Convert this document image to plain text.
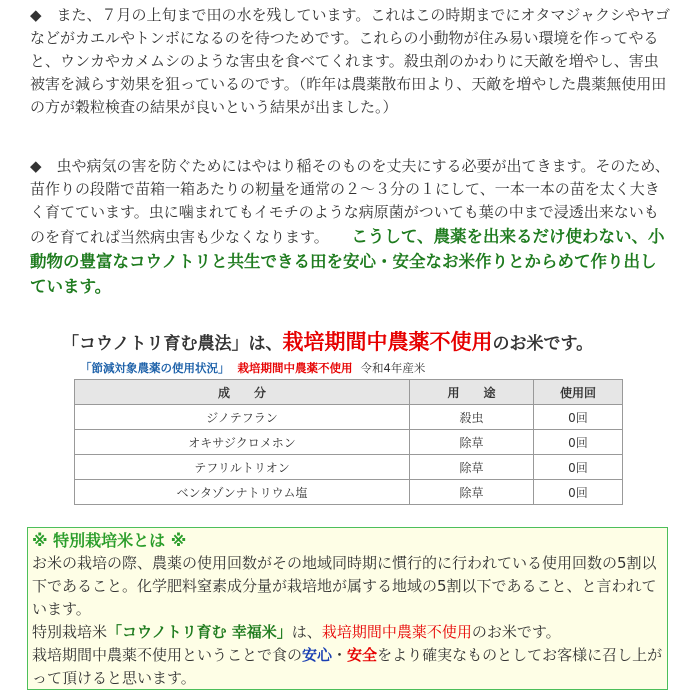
◆　また、７月の上旬まで田の水を残しています。これはこの時期までにオタマジャクシやヤゴなどがカエルやトンボになるのを待つためです。これらの小動物が住み易い環境を作ってやると、ウンカやカメムシのような害虫を食べてくれます。殺虫剤のかわりに天敵を増やし、害虫被害を減らす効果を狙っているのです。（昨年は農薬散布田より、天敵を増やした農薬無使用田の方が穀粒検査の結果が良いという結果が出ました。）

◆　虫や病気の害を防ぐためにはやはり稲そのものを丈夫にする必要が出てきます。そのため、苗作りの段階で苗箱一箱あたりの籾量を通常の２～３分の１にして、一本一本の苗を太く大きく育てています。虫に噛まれてもイモチのような病原菌がついても葉の中まで浸透出来ないものを育てれば当然病虫害も少なくなります。　　こうして、農薬を出来るだけ使わない、小動物の豊富なコウノトリと共生できる田を安心・安全なお米作りとからめて作り出しています。

「コウノトリ育む農法」は、栽培期間中農薬不使用のお米です。
「節減対象農薬の使用状況」 栽培期間中農薬不使用 令和4年産米
成　　分	用　　途	使用回
ジノテフラン	殺虫	0回
オキサジクロメホン	除草	0回
テフリルトリオン	除草	0回
ベンタゾンナトリウム塩	除草	0回

※ 特別栽培米とは ※

お米の栽培の際、農薬の使用回数がその地域同時期に慣行的に行われている使用回数の5割以下であること。化学肥料窒素成分量が栽培地が属する地域の5割以下であること、と言われています。

特別栽培米「コウノトリ育む 幸福米」は、栽培期間中農薬不使用のお米です。

栽培期間中農薬不使用ということで食の安心・安全をより確実なものとしてお客様に召し上がって頂けると思います。
